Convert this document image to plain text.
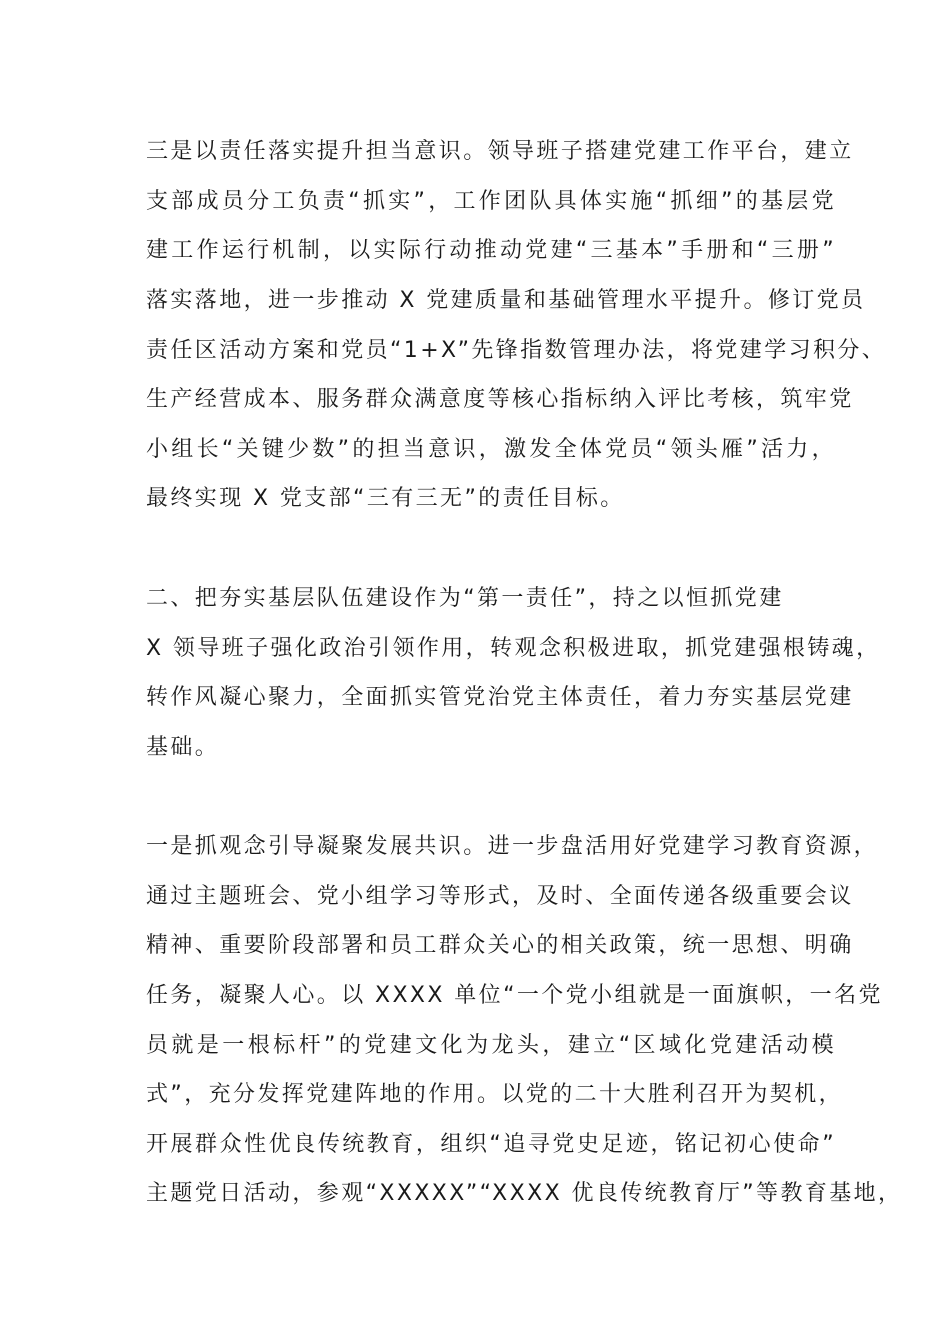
三是以责任落实提升担当意识。领导班子搭建党建工作平台，建立
支部成员分工负责“抓实”，工作团队具体实施“抓细”的基层党
建工作运行机制，以实际行动推动党建“三基本”手册和“三册”
落实落地，进一步推动 X 党建质量和基础管理水平提升。修订党员
责任区活动方案和党员“1+X”先锋指数管理办法，将党建学习积分、
生产经营成本、服务群众满意度等核心指标纳入评比考核，筑牢党
小组长“关键少数”的担当意识，激发全体党员“领头雁”活力，
最终实现 X 党支部“三有三无”的责任目标。
二、把夯实基层队伍建设作为“第一责任”，持之以恒抓党建
X 领导班子强化政治引领作用，转观念积极进取，抓党建强根铸魂，
转作风凝心聚力，全面抓实管党治党主体责任，着力夯实基层党建
基础。
一是抓观念引导凝聚发展共识。进一步盘活用好党建学习教育资源，
通过主题班会、党小组学习等形式，及时、全面传递各级重要会议
精神、重要阶段部署和员工群众关心的相关政策，统一思想、明确
任务，凝聚人心。以 XXXX 单位“一个党小组就是一面旗帜，一名党
员就是一根标杆”的党建文化为龙头，建立“区域化党建活动模
式”，充分发挥党建阵地的作用。以党的二十大胜利召开为契机，
开展群众性优良传统教育，组织“追寻党史足迹，铭记初心使命”
主题党日活动，参观“XXXXX”“XXXX 优良传统教育厅”等教育基地，
